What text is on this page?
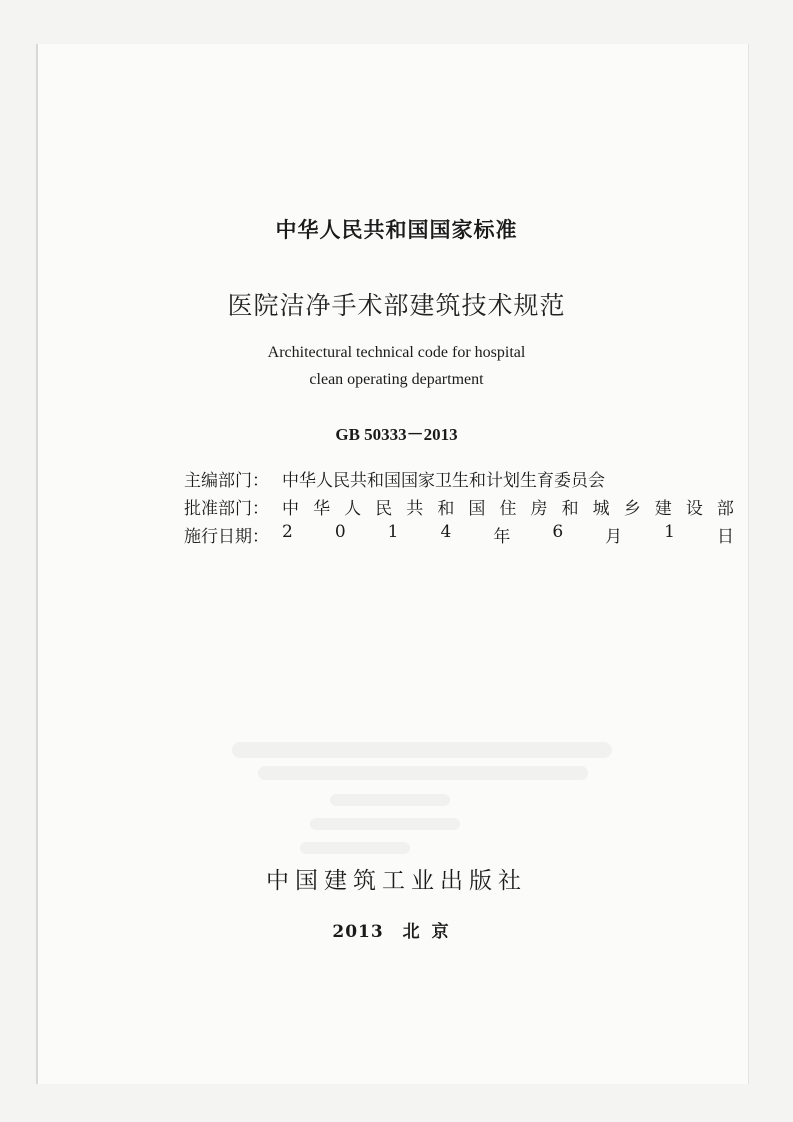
中华人民共和国国家标准
医院洁净手术部建筑技术规范
Architectural technical code for hospital
clean operating department
GB 50333－2013
主编部门： 中华人民共和国国家卫生和计划生育委员会
批准部门： 中 华 人 民 共 和 国 住 房 和 城 乡 建 设 部
施行日期： 2 0 1 4 年 6 月 1 日
中国建筑工业出版社
2013 北京
